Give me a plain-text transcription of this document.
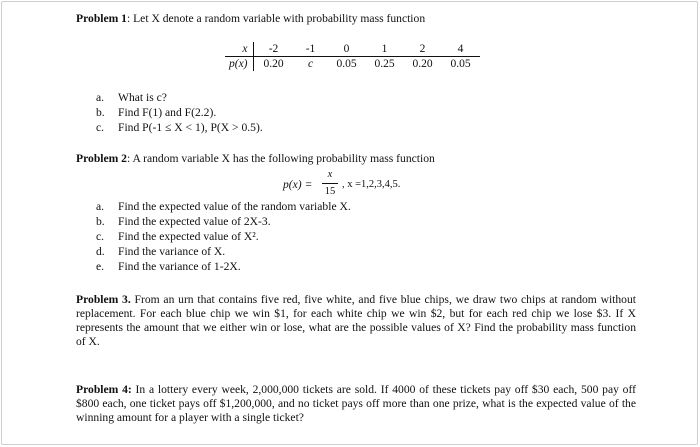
Problem 1: Let X denote a random variable with probability mass function
x	-2	-1	0	1	2	4
p(x)	0.20	c	0.05	0.25	0.20	0.05
a. What is c?
b. Find F(1) and F(2.2).
c. Find P(-1 ≤ X < 1), P(X > 0.5).
Problem 2: A random variable X has the following probability mass function
p(x) =
x
15
, x =1,2,3,4,5.
a. Find the expected value of the random variable X.
b. Find the expected value of 2X-3.
c. Find the expected value of X².
d. Find the variance of X.
e. Find the variance of 1-2X.
Problem 3. From an urn that contains five red, five white, and five blue chips, we draw two chips at random without replacement. For each blue chip we win $1, for each white chip we win $2, but for each red chip we lose $3. If X represents the amount that we either win or lose, what are the possible values of X? Find the probability mass function of X.
Problem 4: In a lottery every week, 2,000,000 tickets are sold. If 4000 of these tickets pay off $30 each, 500 pay off $800 each, one ticket pays off $1,200,000, and no ticket pays off more than one prize, what is the expected value of the winning amount for a player with a single ticket?
